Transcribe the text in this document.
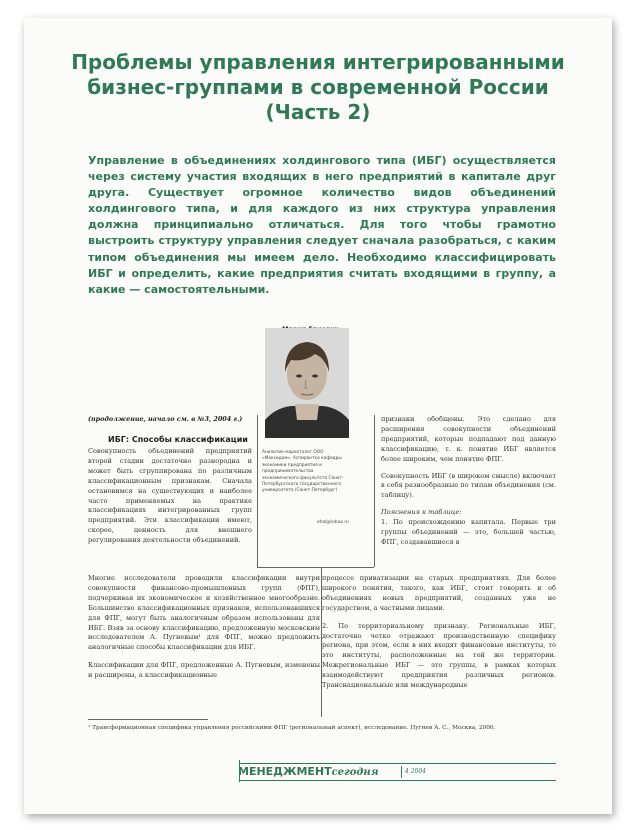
Проблемы управления интегрированными
бизнес-группами в современной России
(Часть 2)

Управление в объединениях холдингового типа (ИБГ) осуществляется через систему участия входящих в него предприятий в капитале друг друга. Существует огромное количество видов объединений холдингового типа, и для каждого из них структура управления должна принципиально отличаться. Для того чтобы грамотно выстроить структуру управления следует сначала разобраться, с каким типом объединения мы имеем дело. Необходимо классифицировать ИБГ и определить, какие предприятия считать входящими в группу, а какие — самостоятельными.

Аналитик-маркетолог ООО «Максидом». Аспирантка кафедры экономики предприятия и предпринимательства экономического факультета Санкт-Петербургского государственного университета (Санкт-Петербург)

ehal@inbox.ru
(продолжение, начало см. в №3, 2004 г.)
ИБГ: Способы классификации

Совокупность объединений предприятий второй стадии достаточно разнородна и может быть сгруппирована по различным классификационным признакам. Сначала остановимся на существующих и наиболее часто применяемых на практике классификациях интегрированных групп предприятий. Эти классификации имеют, скорее, ценность для внешнего регулирования деятельности объединений.

Многие исследователи проводили классификации внутри совокупности финансово-промышленных групп (ФПГ), подчеркивая их экономическое и хозяйственное многообразие. Большинство классификационных признаков, использовавшихся для ФПГ, могут быть аналогичным образом использованы для ИБГ. Взяв за основу классификацию, предложенную московским исследователем А. Пугневым¹ для ФПГ, можно предложить аналогичные способы классификации для ИБГ.

Классификации для ФПГ, предложенные А. Пугневым, изменены и расширены, а классификационные

признаки обобщены. Это сделано для расширения совокупности объединений предприятий, которые подпадают под данную классификацию, т. к. понятие ИБГ является более широким, чем понятие ФПГ.

Совокупность ИБГ (в широком смысле) включает в себя разнообразные по типам объединения (см. таблицу).

Пояснения к таблице:

1. По происхождению капитала. Первые три группы объединений — это, большей частью, ФПГ, создававшиеся в

процессе приватизации на старых предприятиях. Для более широкого понятия, такого, как ИБГ, стоит говорить и об объединениях новых предприятий, созданных уже не государством, а частными лицами.

2. По территориальному признаку. Региональные ИБГ, достаточно четко отражают производственную специфику региона, при этом, если в них входят финансовые институты, то это институты, расположенные на той же территории. Межрегиональные ИБГ — это группы, в рамках которых взаимодействуют предприятия различных регионов. Транснациональные или международные

¹ Трансформационная специфика управления российскими ФПГ (региональный аспект), исследование. Пугнев А. С., Москва, 2000.

МЕНЕДЖМЕНТсегодня	4 2004
